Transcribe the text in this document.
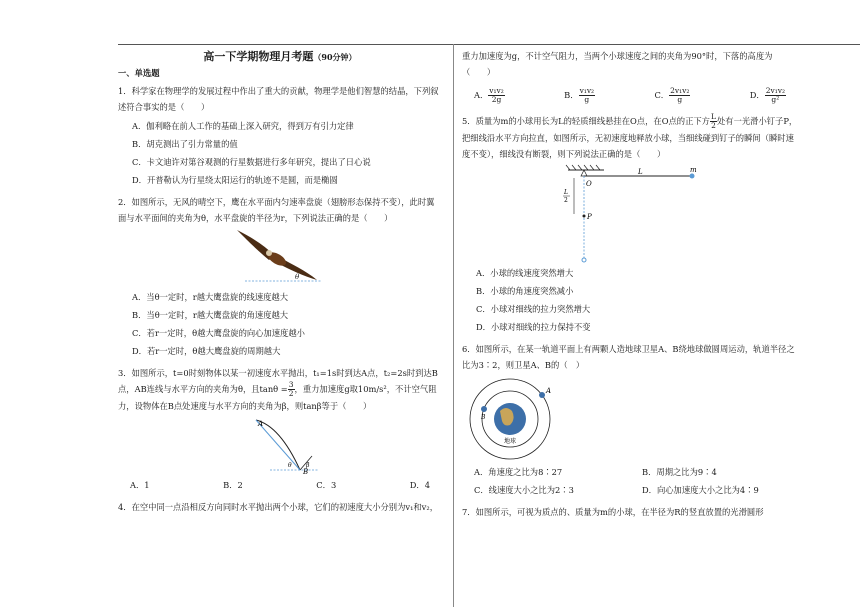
高一下学期物理月考题（90分钟）
一、单选题

1．科学家在物理学的发展过程中作出了重大的贡献，物理学是他们智慧的结晶，下列叙述符合事实的是（　　）

A．伽利略在前人工作的基础上深入研究，得到万有引力定律
B．胡克测出了引力常量的值
C．卡文迪许对第谷观测的行星数据进行多年研究，提出了日心说
D．开普勒认为行星绕太阳运行的轨迹不是圆，而是椭圆

2．如图所示，无风的晴空下，鹰在水平面内匀速率盘旋（翅膀形态保持不变），此时翼面与水平面间的夹角为θ，水平盘旋的半径为r，下列说法正确的是（　　）

θ
A．当θ一定时，r越大鹰盘旋的线速度越大
B．当θ一定时，r越大鹰盘旋的角速度越大
C．若r一定时，θ越大鹰盘旋的向心加速度越小
D．若r一定时，θ越大鹰盘旋的周期越大

3．如图所示，t=0时刻物体以某一初速度水平抛出，t₁=1s时到达A点，t₂=2s时到达B点，AB连线与水平方向的夹角为θ，且$\tan\theta = \frac{3}{2}$ ，重力加速度g取10m/s²，不计空气阻力，设物体在B点处速度与水平方向的夹角为β，则tanβ等于（　　）

A
B
θ β
A．1	B．2	C．3	D．4

4．在空中同一点沿相反方向同时水平抛出两个小球，它们的初速度大小分别为v₁和v₂，

重力加速度为g，不计空气阻力，当两个小球速度之间的夹角为90°时，下落的高度为（　　）

A． $\frac{\text{v₁v₂}}{2g}$	B． $\frac{\text{v₁v₂}}{g}$	C． $\frac{\text{2v₁v₂}}{g}$	D． $\frac{\text{2v₁v₂}}{\text{g²}}$

5．质量为m的小球用长为L的轻质细线悬挂在O点，在O点的正下方 $\frac{L}{2}$ 处有一光滑小钉子P，把细线沿水平方向拉直，如图所示，无初速度地释放小球，当细线碰到钉子的瞬间（瞬时速度不变），细线没有断裂，则下列说法正确的是（　　）

O
L	m
P
L
2
A．小球的线速度突然增大
B．小球的角速度突然减小
C．小球对细线的拉力突然增大
D．小球对细线的拉力保持不变

6．如图所示，在某一轨道平面上有两颗人造地球卫星A、B绕地球做圆周运动，轨道半径之比为3∶2，则卫星A、B的（　）

A
B
地球
A．角速度之比为8∶27	B．周期之比为9∶4
C．线速度大小之比为2∶3	D．向心加速度大小之比为4∶9

7．如图所示，可视为质点的、质量为m的小球，在半径为R的竖直放置的光滑圆形
